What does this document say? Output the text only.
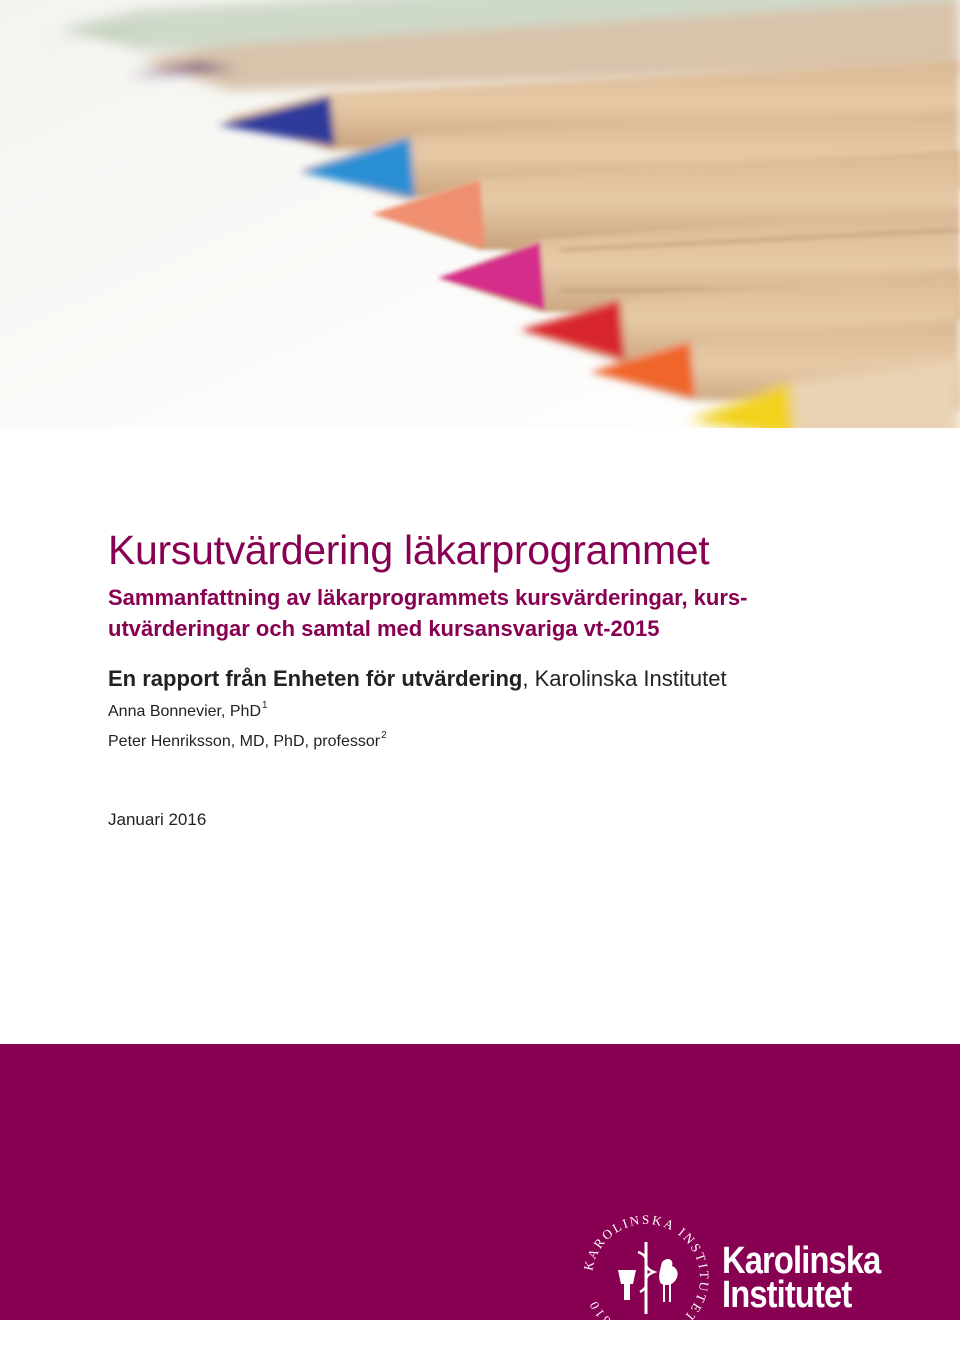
Kursutvärdering läkarprogrammet

Sammanfattning av läkarprogrammets kursvärderingar, kurs-utvärderingar och samtal med kursansvariga vt-2015

En rapport från Enheten för utvärdering, Karolinska Institutet
Anna Bonnevier, PhD$^1$
Peter Henriksson, MD, PhD, professor$^2$
Januari 2016
KAROLINSKA INSTITUTET · ANNO 1810
Karolinska
Institutet
